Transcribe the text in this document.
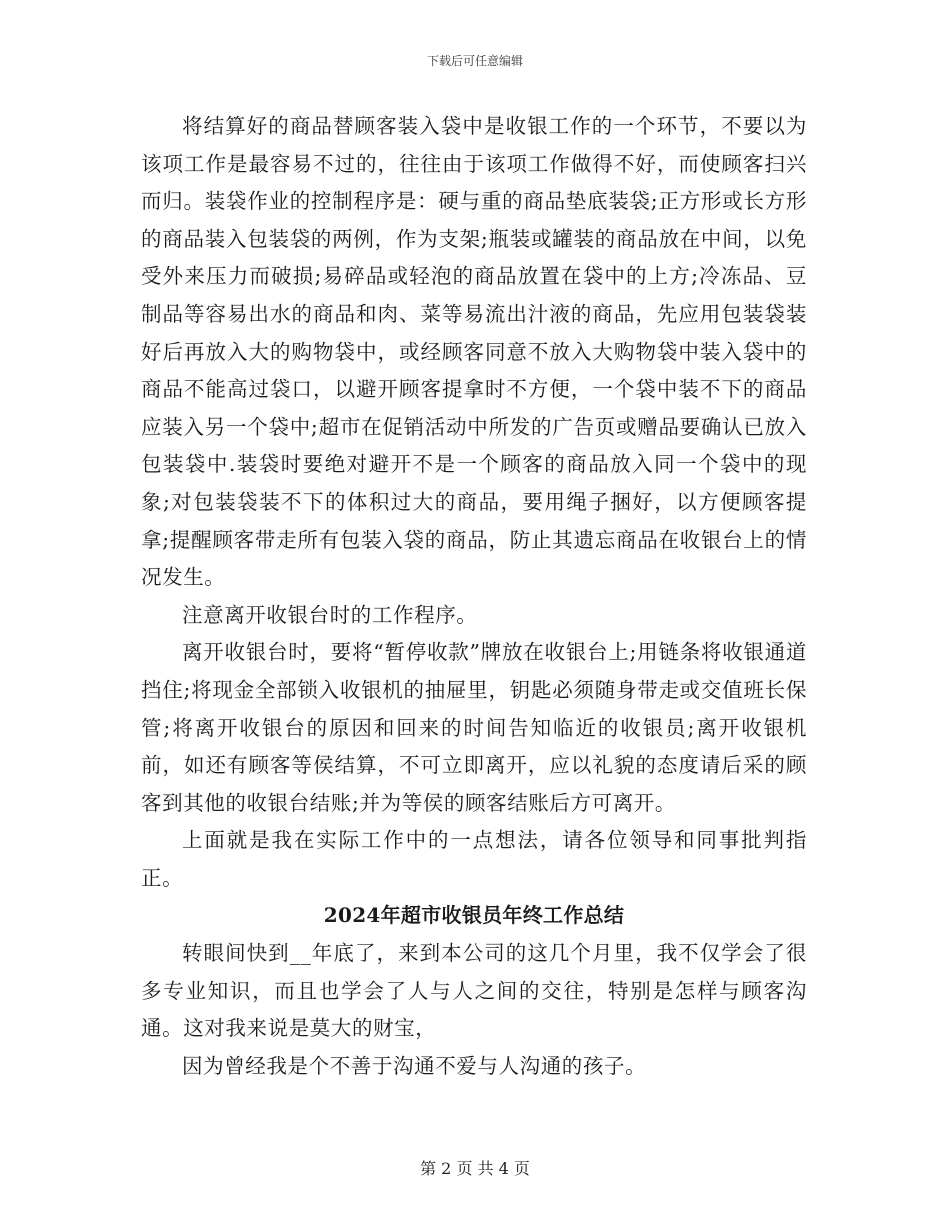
下载后可任意编辑

将结算好的商品替顾客装入袋中是收银工作的一个环节，不要以为该项工作是最容易不过的，往往由于该项工作做得不好，而使顾客扫兴而归。装袋作业的控制程序是：硬与重的商品垫底装袋;正方形或长方形的商品装入包装袋的两例，作为支架;瓶装或罐装的商品放在中间，以免受外来压力而破损;易碎品或轻泡的商品放置在袋中的上方;冷冻品、豆制品等容易出水的商品和肉、菜等易流出汁液的商品，先应用包装袋装好后再放入大的购物袋中，或经顾客同意不放入大购物袋中装入袋中的商品不能高过袋口，以避开顾客提拿时不方便，一个袋中装不下的商品应装入另一个袋中;超市在促销活动中所发的广告页或赠品要确认已放入包装袋中.装袋时要绝对避开不是一个顾客的商品放入同一个袋中的现象;对包装袋装不下的体积过大的商品，要用绳子捆好，以方便顾客提拿;提醒顾客带走所有包装入袋的商品，防止其遗忘商品在收银台上的情况发生。

注意离开收银台时的工作程序。

离开收银台时，要将“暂停收款”牌放在收银台上;用链条将收银通道挡住;将现金全部锁入收银机的抽屉里，钥匙必须随身带走或交值班长保管;将离开收银台的原因和回来的时间告知临近的收银员;离开收银机前，如还有顾客等侯结算，不可立即离开，应以礼貌的态度请后采的顾客到其他的收银台结账;并为等侯的顾客结账后方可离开。

上面就是我在实际工作中的一点想法，请各位领导和同事批判指正。

2024年超市收银员年终工作总结

转眼间快到__年底了，来到本公司的这几个月里，我不仅学会了很多专业知识，而且也学会了人与人之间的交往，特别是怎样与顾客沟通。这对我来说是莫大的财宝，

因为曾经我是个不善于沟通不爱与人沟通的孩子。

第 2 页 共 4 页
